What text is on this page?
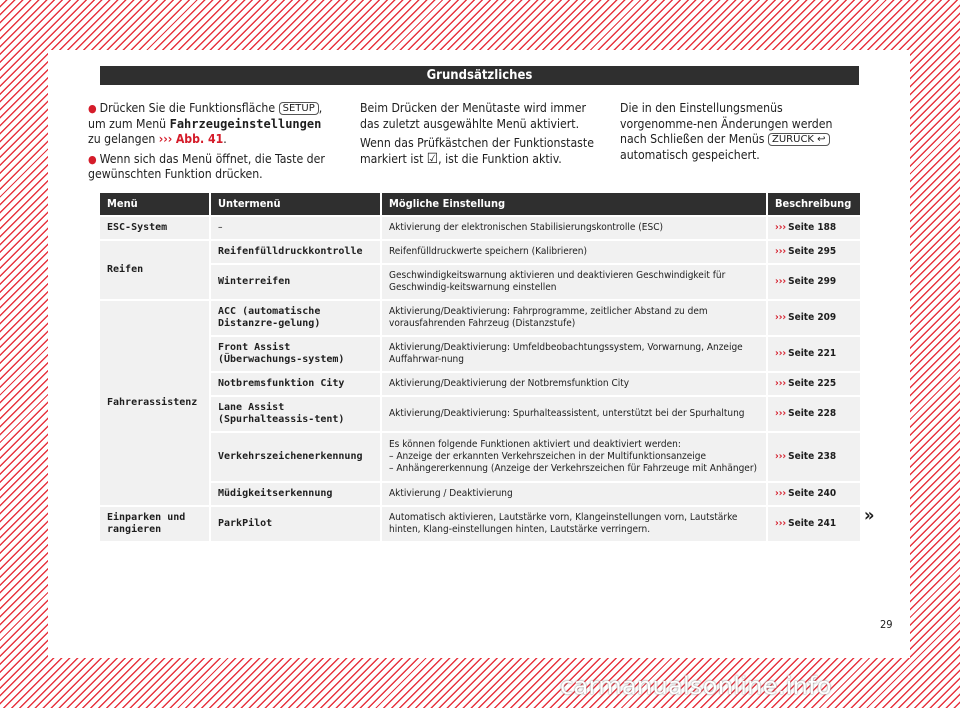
Grundsätzliches

● Drücken Sie die Funktionsfläche SETUP , um zum Menü Fahrzeugeinstellungen zu gelangen ››› Abb. 41.

● Wenn sich das Menü öffnet, die Taste der gewünschten Funktion drücken.

Beim Drücken der Menütaste wird immer das zuletzt ausgewählte Menü aktiviert.

Wenn das Prüfkästchen der Funktionstaste markiert ist ☑, ist die Funktion aktiv.

Die in den Einstellungsmenüs vorgenomme-nen Änderungen werden nach Schließen der Menüs ZURÜCK ↩ automatisch gespeichert.

Menü	Untermenü	Mögliche Einstellung	Beschreibung
ESC-System	–	Aktivierung der elektronischen Stabilisierungskontrolle (ESC)	››› Seite 188
Reifen	Reifenfülldruckkontrolle	Reifenfülldruckwerte speichern (Kalibrieren)	››› Seite 295
	Winterreifen	Geschwindigkeitswarnung aktivieren und deaktivieren Geschwindigkeit für Geschwindig-keitswarnung einstellen	››› Seite 299
Fahrerassistenz	ACC (automatische Distanzre-gelung)	Aktivierung/Deaktivierung: Fahrprogramme, zeitlicher Abstand zu dem vorausfahrenden Fahrzeug (Distanzstufe)	››› Seite 209
	Front Assist (Überwachungs-system)	Aktivierung/Deaktivierung: Umfeldbeobachtungssystem, Vorwarnung, Anzeige Auffahrwar-nung	››› Seite 221
	Notbremsfunktion City	Aktivierung/Deaktivierung der Notbremsfunktion City	››› Seite 225
	Lane Assist (Spurhalteassis-tent)	Aktivierung/Deaktivierung: Spurhalteassistent, unterstützt bei der Spurhaltung	››› Seite 228
	Verkehrszeichenerkennung	Es können folgende Funktionen aktiviert und deaktiviert werden:
– Anzeige der erkannten Verkehrszeichen in der Multifunktionsanzeige
– Anhängererkennung (Anzeige der Verkehrszeichen für Fahrzeuge mit Anhänger)	››› Seite 238
	Müdigkeitserkennung	Aktivierung / Deaktivierung	››› Seite 240
Einparken und rangieren	ParkPilot	Automatisch aktivieren, Lautstärke vorn, Klangeinstellungen vorn, Lautstärke hinten, Klang-einstellungen hinten, Lautstärke verringern.	››› Seite 241 »
29
carmanualsonline.info
